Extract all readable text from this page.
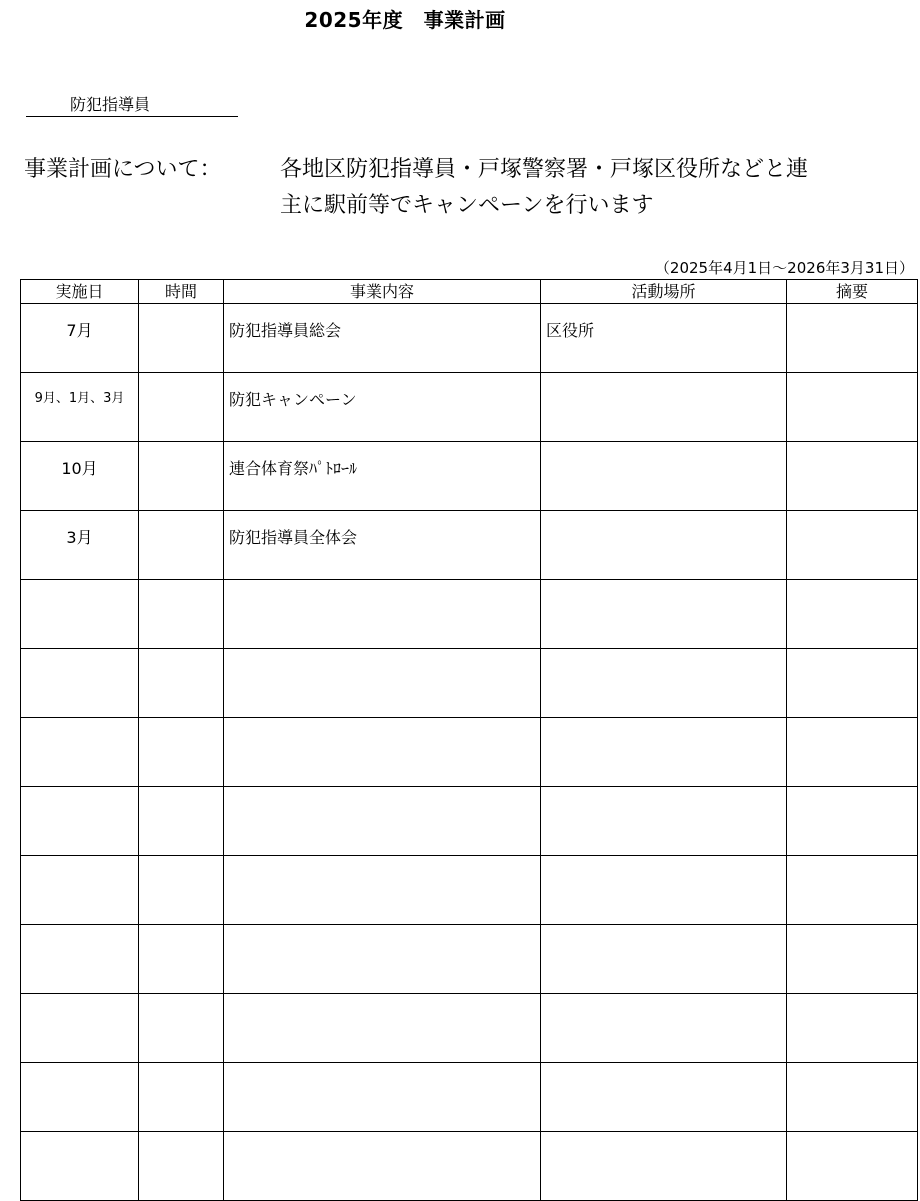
2025年度　事業計画
防犯指導員
事業計画について：	各地区防犯指導員・戸塚警察署・戸塚区役所などと連
主に駅前等でキャンペーンを行います
（2025年4月1日～2026年3月31日）
実施日	時間	事業内容	活動場所	摘要
7月		防犯指導員総会	区役所	
9月、1月、3月		防犯キャンペーン		
10月		連合体育祭ﾊﾟﾄﾛｰﾙ		
3月		防犯指導員全体会		
